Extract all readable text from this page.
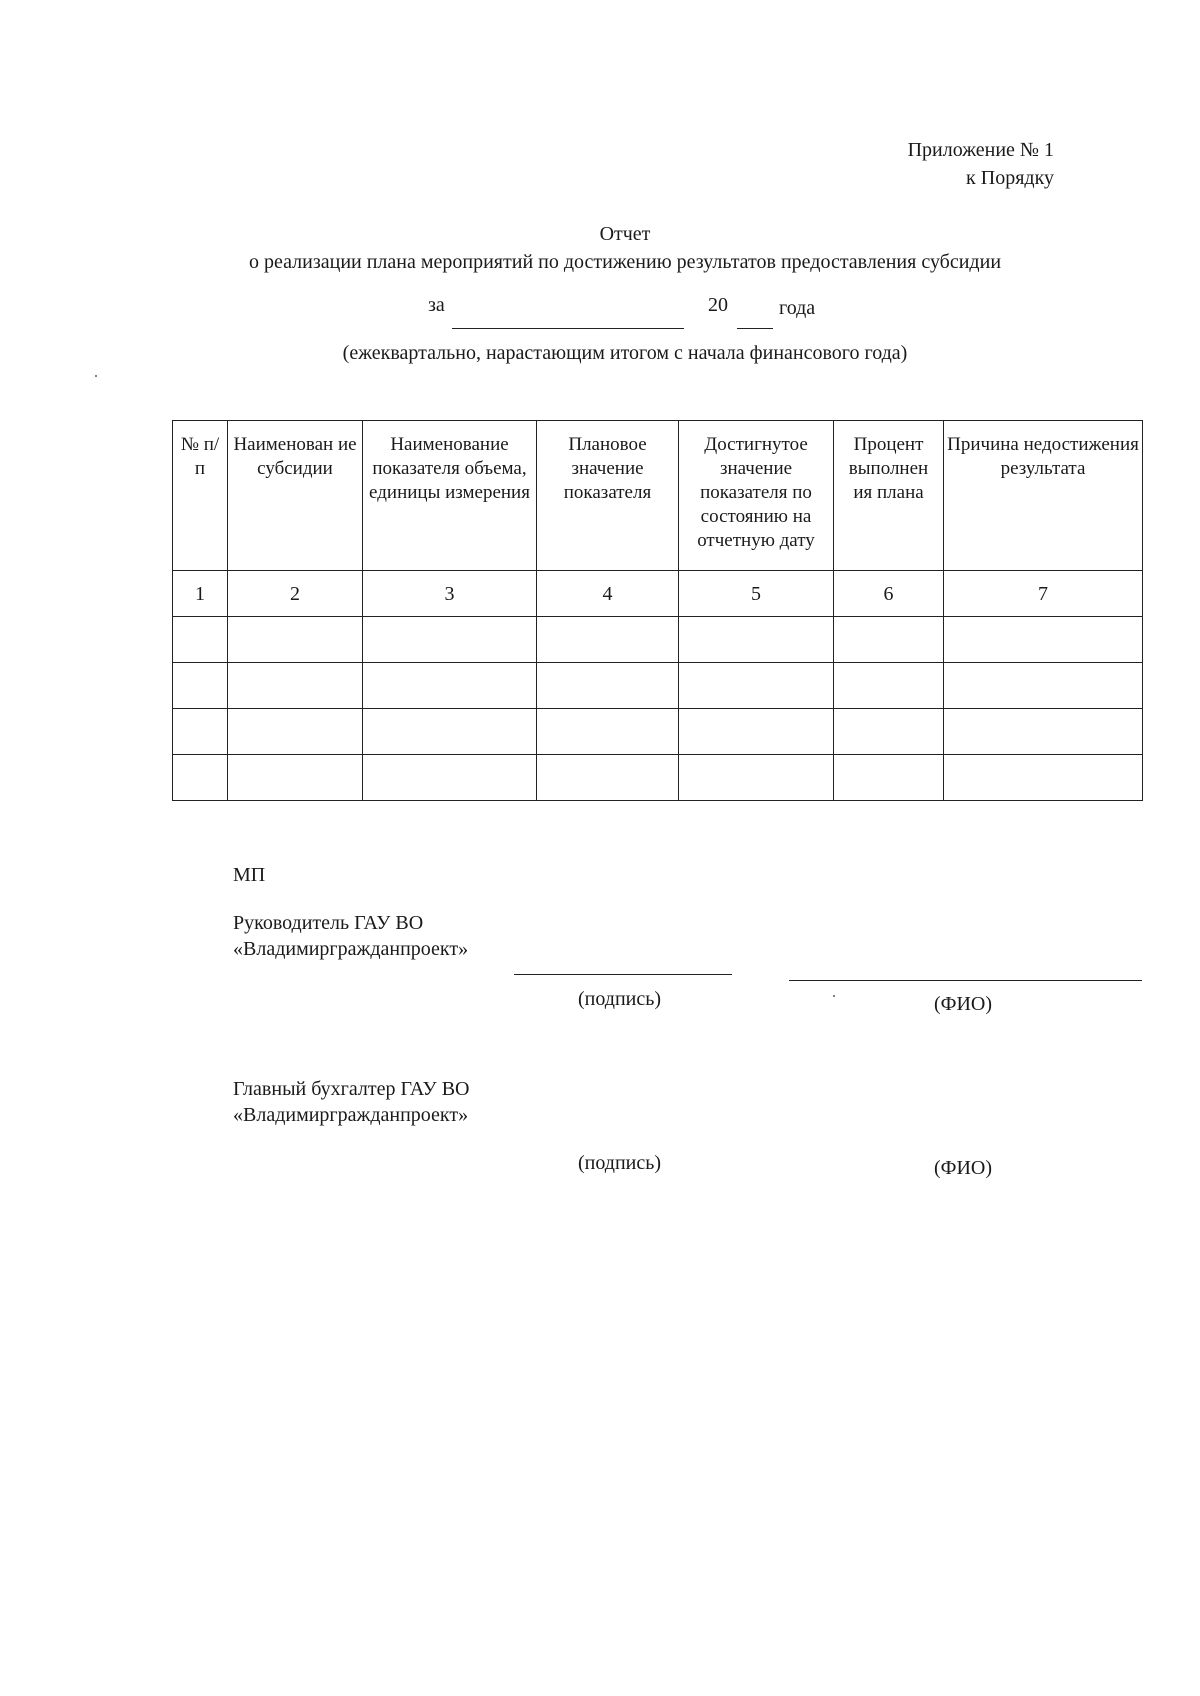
Приложение № 1
к Порядку
Отчет
о реализации плана мероприятий по достижению результатов предоставления субсидии
за	20	года
(ежеквартально, нарастающим итогом с начала финансового года)
№ п/п	Наименован ие субсидии	Наименование показателя объема, единицы измерения	Плановое значение показателя	Достигнутое значение показателя по состоянию на отчетную дату	Процент выполнен ия плана	Причина недостижения результата
1	2	3	4	5	6	7

МП
Руководитель ГАУ ВО
«Владимиргражданпроект»
(подпись)	(ФИО)
Главный бухгалтер ГАУ ВО
«Владимиргражданпроект»
(подпись)	(ФИО)
